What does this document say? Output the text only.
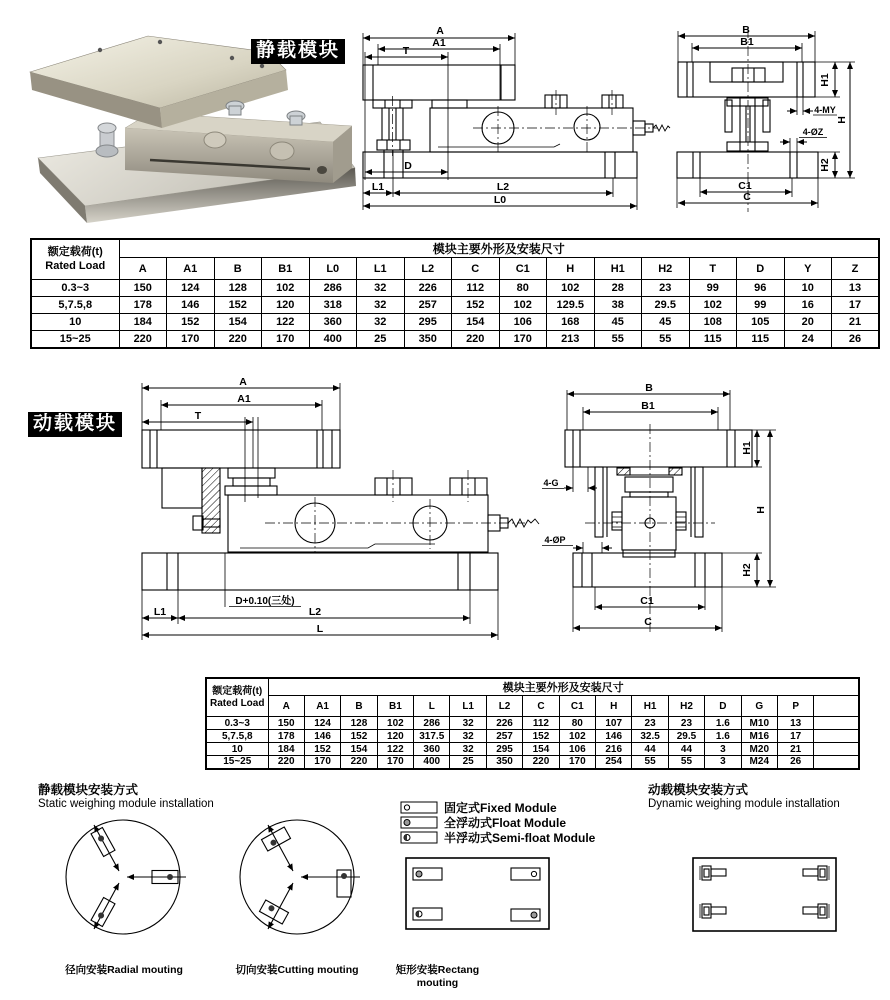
静载模块
A
A1
T
D
L1	L2
L0
B
B1
H1
H
H2
4-MY
4-ØZ
C1
C
额定载荷(t)
Rated Load	模块主要外形及安装尺寸															
	A	A1	B	B1	L0	L1	L2	C	C1	H	H1	H2	T	D	Y	Z
0.3~3	150	124	128	102	286	32	226	112	80	102	28	23	99	96	10	13
5,7.5,8	178	146	152	120	318	32	257	152	102	129.5	38	29.5	102	99	16	17
10	184	152	154	122	360	32	295	154	106	168	45	45	108	105	20	21
15~25	220	170	220	170	400	25	350	220	170	213	55	55	115	115	24	26
动载模块
A
A1
T
D+0.10(三处)
L1	L2
L
B
B1
H1
H
H2
4-G
4-ØP
C1
C
额定载荷(t)
Rated Load	模块主要外形及安装尺寸															
	A	A1	B	B1	L	L1	L2	C	C1	H	H1	H2	D	G	P	
0.3~3	150	124	128	102	286	32	226	112	80	107	23	23	1.6	M10	13	
5,7.5,8	178	146	152	120	317.5	32	257	152	102	146	32.5	29.5	1.6	M16	17	
10	184	152	154	122	360	32	295	154	106	216	44	44	3	M20	21	
15~25	220	170	220	170	400	25	350	220	170	254	55	55	3	M24	26	
静载模块安装方式
Static weighing module installation
动载模块安装方式
Dynamic weighing module installation
固定式Fixed Module
全浮动式Float Module
半浮动式Semi-float Module
径向安装Radial mouting	切向安装Cutting mouting	矩形安装Rectang mouting
